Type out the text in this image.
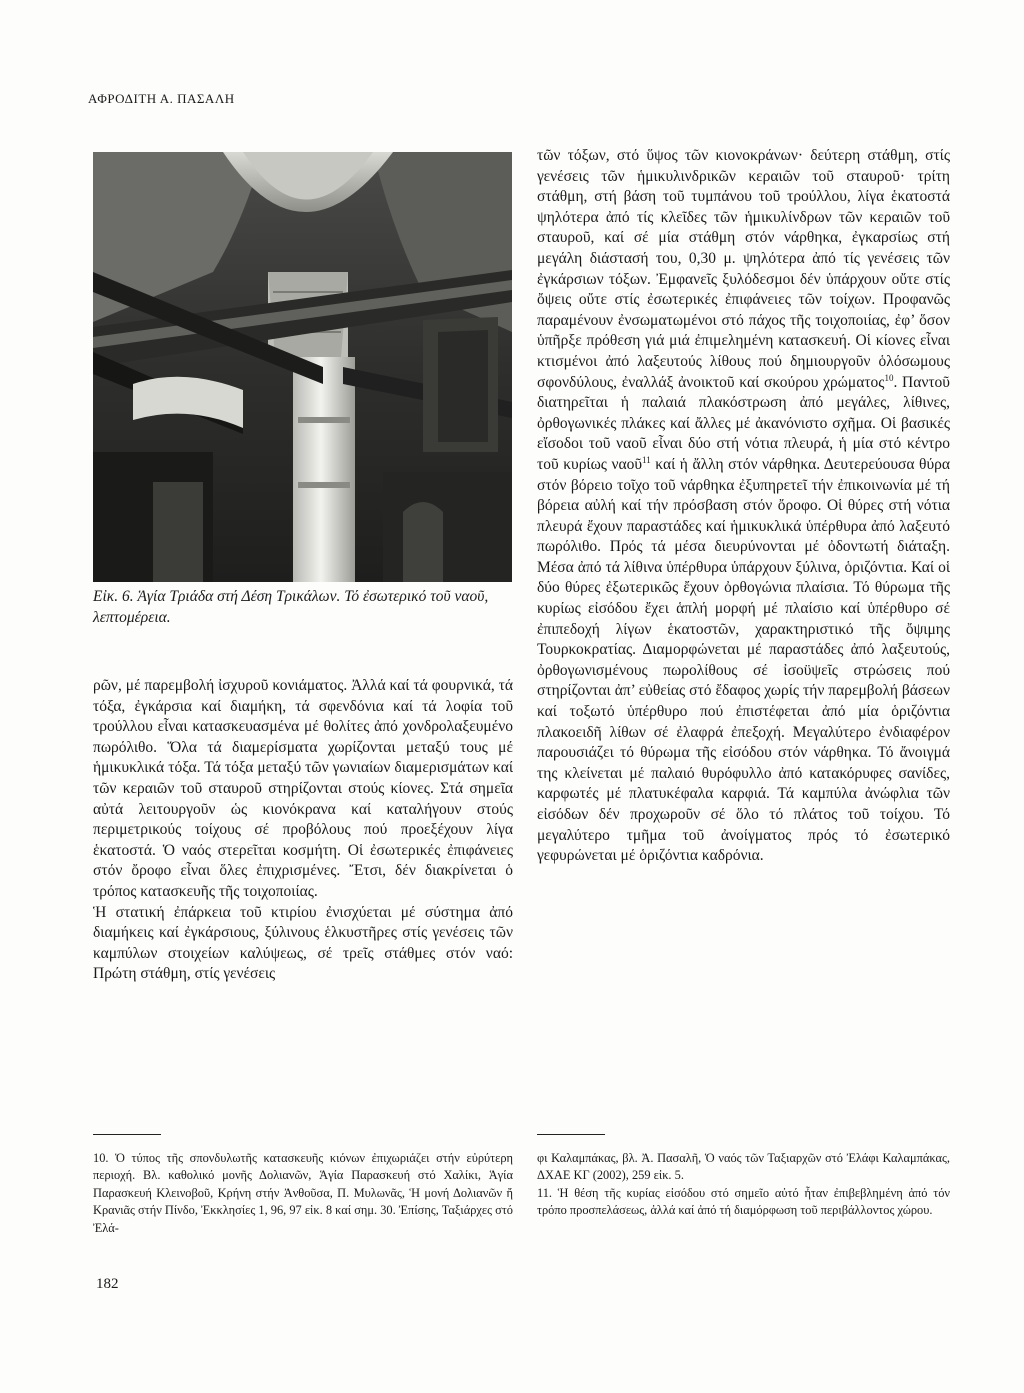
ΑΦΡΟΔΙΤΗ Α. ΠΑΣΑΛΗ
Εἰκ. 6. Ἁγία Τριάδα στή Δέση Τρικάλων. Τό ἐσωτερικό τοῦ ναοῦ, λεπτομέρεια.

ρῶν, μέ παρεμβολή ἰσχυροῦ κονιάματος. Ἀλλά καί τά φουρνικά, τά τόξα, ἐγκάρσια καί διαμήκη, τά σφενδόνια καί τά λοφία τοῦ τρούλλου εἶναι κατασκευασμένα μέ θολίτες ἀπό χονδρολαξευμένο πωρόλιθο. Ὅλα τά διαμερίσματα χωρίζονται μεταξύ τους μέ ἡμικυκλικά τόξα. Τά τόξα μεταξύ τῶν γωνιαίων διαμερισμάτων καί τῶν κεραιῶν τοῦ σταυροῦ στηρίζονται στούς κίονες. Στά σημεῖα αὐτά λειτουργοῦν ὡς κιονόκρανα καί καταλήγουν στούς περιμετρικούς τοίχους σέ προβόλους πού προεξέχουν λίγα ἑκατοστά. Ὁ ναός στερεῖται κοσμήτη. Οἱ ἐσωτερικές ἐπιφάνειες στόν ὄροφο εἶναι ὅλες ἐπιχρισμένες. Ἔτσι, δέν διακρίνεται ὁ τρόπος κατασκευῆς τῆς τοιχοποιίας.

Ἡ στατική ἐπάρκεια τοῦ κτιρίου ἐνισχύεται μέ σύστημα ἀπό διαμήκεις καί ἐγκάρσιους, ξύλινους ἑλκυστῆρες στίς γενέσεις τῶν καμπύλων στοιχείων καλύψεως, σέ τρεῖς στάθμες στόν ναό: Πρώτη στάθμη, στίς γενέσεις

τῶν τόξων, στό ὕψος τῶν κιονοκράνων· δεύτερη στάθμη, στίς γενέσεις τῶν ἡμικυλινδρικῶν κεραιῶν τοῦ σταυροῦ· τρίτη στάθμη, στή βάση τοῦ τυμπάνου τοῦ τρούλλου, λίγα ἑκατοστά ψηλότερα ἀπό τίς κλεῖδες τῶν ἡμικυλίνδρων τῶν κεραιῶν τοῦ σταυροῦ, καί σέ μία στάθμη στόν νάρθηκα, ἐγκαρσίως στή μεγάλη διάστασή του, 0,30 μ. ψηλότερα ἀπό τίς γενέσεις τῶν ἐγκάρσιων τόξων. Ἐμφανεῖς ξυλόδεσμοι δέν ὑπάρχουν οὔτε στίς ὄψεις οὔτε στίς ἐσωτερικές ἐπιφάνειες τῶν τοίχων. Προφανῶς παραμένουν ἐνσωματωμένοι στό πάχος τῆς τοιχοποιίας, ἐφ’ ὅσον ὑπῆρξε πρόθεση γιά μιά ἐπιμελημένη κατασκευή. Οἱ κίονες εἶναι κτισμένοι ἀπό λαξευτούς λίθους πού δημιουργοῦν ὁλόσωμους σφονδύλους, ἐναλλάξ ἀνοικτοῦ καί σκούρου χρώματος$^{10}$. Παντοῦ διατηρεῖται ἡ παλαιά πλακόστρωση ἀπό μεγάλες, λίθινες, ὀρθογωνικές πλάκες καί ἄλλες μέ ἀκανόνιστο σχῆμα. Οἱ βασικές εἴσοδοι τοῦ ναοῦ εἶναι δύο στή νότια πλευρά, ἡ μία στό κέντρο τοῦ κυρίως ναοῦ$^{11}$ καί ἡ ἄλλη στόν νάρθηκα. Δευτερεύουσα θύρα στόν βόρειο τοῖχο τοῦ νάρθηκα ἐξυπηρετεῖ τήν ἐπικοινωνία μέ τή βόρεια αὐλή καί τήν πρόσβαση στόν ὄροφο. Οἱ θύρες στή νότια πλευρά ἔχουν παραστάδες καί ἡμικυκλικά ὑπέρθυρα ἀπό λαξευτό πωρόλιθο. Πρός τά μέσα διευρύνονται μέ ὀδοντωτή διάταξη. Μέσα ἀπό τά λίθινα ὑπέρθυρα ὑπάρχουν ξύλινα, ὁριζόντια. Καί οἱ δύο θύρες ἐξωτερικῶς ἔχουν ὀρθογώνια πλαίσια. Τό θύρωμα τῆς κυρίως εἰσόδου ἔχει ἁπλή μορφή μέ πλαίσιο καί ὑπέρθυρο σέ ἐπιπεδοχή λίγων ἑκατοστῶν, χαρακτηριστικό τῆς ὄψιμης Τουρκοκρατίας. Διαμορφώνεται μέ παραστάδες ἀπό λαξευτούς, ὀρθογωνισμένους πωρολίθους σέ ἰσοϋψεῖς στρώσεις πού στηρίζονται ἀπ’ εὐθείας στό ἔδαφος χωρίς τήν παρεμβολή βάσεων καί τοξωτό ὑπέρθυρο πού ἐπιστέφεται ἀπό μία ὁριζόντια πλακοειδῆ λίθων σέ ἐλαφρά ἐπεξοχή. Μεγαλύτερο ἐνδιαφέρον παρουσιάζει τό θύρωμα τῆς εἰσόδου στόν νάρθηκα. Τό ἄνοιγμά της κλείνεται μέ παλαιό θυρόφυλλο ἀπό κατακόρυφες σανίδες, καρφωτές μέ πλατυκέφαλα καρφιά. Τά καμπύλα ἀνώφλια τῶν εἰσόδων δέν προχωροῦν σέ ὅλο τό πλάτος τοῦ τοίχου. Τό μεγαλύτερο τμῆμα τοῦ ἀνοίγματος πρός τό ἐσωτερικό γεφυρώνεται μέ ὁριζόντια καδρόνια.

10. Ὁ τύπος τῆς σπονδυλωτῆς κατασκευῆς κιόνων ἐπιχωριάζει στήν εὐρύτερη περιοχή. Βλ. καθολικό μονῆς Δολιανῶν, Ἁγία Παρασκευή στό Χαλίκι, Ἁγία Παρασκευή Κλεινοβοῦ, Κρήνη στήν Ἀνθοῦσα, Π. Μυλωνᾶς, Ἡ μονή Δολιανῶν ἤ Κρανιᾶς στήν Πίνδο, Ἐκκλησίες 1, 96, 97 εἰκ. 8 καί σημ. 30. Ἐπίσης, Ταξιάρχες στό Ἐλά-

φι Καλαμπάκας, βλ. Ἀ. Πασαλῆ, Ὁ ναός τῶν Ταξιαρχῶν στό Ἐλάφι Καλαμπάκας, ΔΧΑΕ ΚΓ (2002), 259 εἰκ. 5.

11. Ἡ θέση τῆς κυρίας εἰσόδου στό σημεῖο αὐτό ἦταν ἐπιβεβλημένη ἀπό τόν τρόπο προσπελάσεως, ἀλλά καί ἀπό τή διαμόρφωση τοῦ περιβάλλοντος χώρου.

182
